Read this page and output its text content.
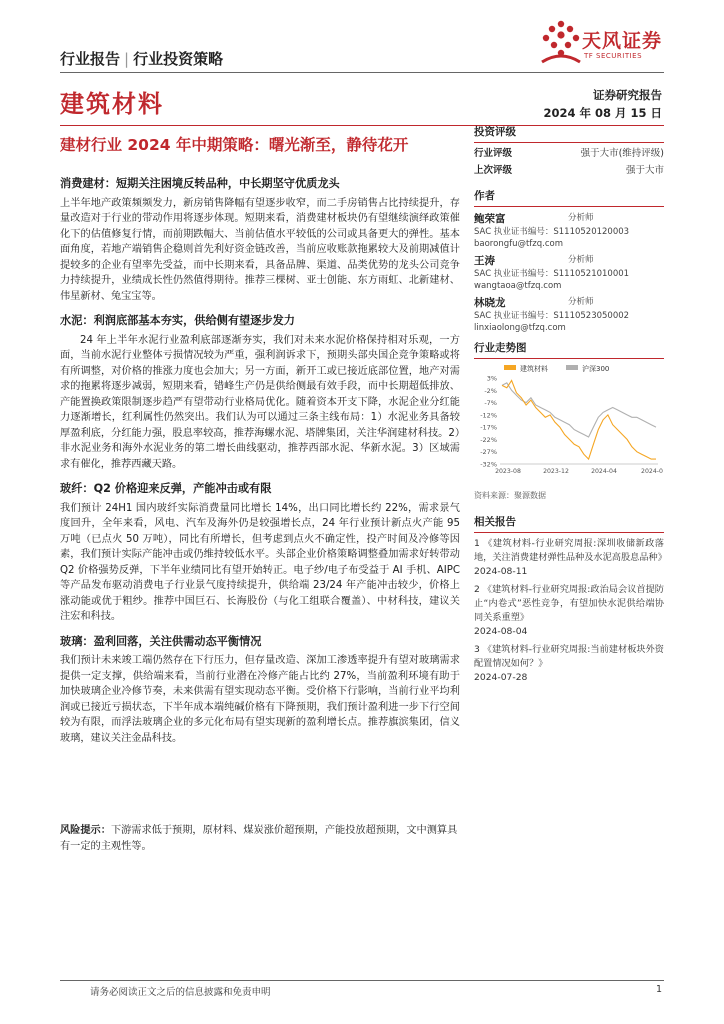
行业报告 | 行业投资策略
天风证券
TF SECURITIES
建筑材料	证券研究报告
2024 年 08 月 15 日
建材行业 2024 年中期策略：曙光渐至，静待花开
消费建材：短期关注困境反转品种，中长期坚守优质龙头
上半年地产政策频频发力，新房销售降幅有望逐步收窄，而二手房销售占比持续提升，存量改造对于行业的带动作用将逐步体现。短期来看，消费建材板块仍有望继续演绎政策催化下的估值修复行情，而前期跌幅大、当前估值水平较低的公司或具备更大的弹性。基本面角度，若地产端销售企稳则首先利好资金链改善，当前应收账款拖累较大及前期减值计提较多的企业有望率先受益，而中长期来看，具备品牌、渠道、品类优势的龙头公司竞争力持续提升，业绩成长性仍然值得期待。推荐三棵树、亚士创能、东方雨虹、北新建材、伟星新材、兔宝宝等。
水泥：利润底部基本夯实，供给侧有望逐步发力
24 年上半年水泥行业盈利底部逐渐夯实，我们对未来水泥价格保持相对乐观，一方面，当前水泥行业整体亏损情况较为严重，强利润诉求下，预期头部央国企竞争策略或将有所调整，对价格的推涨力度也会加大；另一方面，新开工或已接近底部位置，地产对需求的拖累将逐步减弱，短期来看，错峰生产仍是供给侧最有效手段，而中长期超低排放、产能置换政策限制逐步趋严有望带动行业格局优化。随着资本开支下降，水泥企业分红能力逐渐增长，红利属性仍然突出。我们认为可以通过三条主线布局：1）水泥业务具备较厚盈利底，分红能力强，股息率较高，推荐海螺水泥、塔牌集团，关注华润建材科技。2）非水泥业务和海外水泥业务的第二增长曲线驱动，推荐西部水泥、华新水泥。3）区域需求有催化，推荐西藏天路。
玻纤：Q2 价格迎来反弹，产能冲击或有限
我们预计 24H1 国内玻纤实际消费量同比增长 14%，出口同比增长约 22%，需求景气度回升，全年来看，风电、汽车及海外仍是较强增长点，24 年行业预计新点火产能 95 万吨（已点火 50 万吨），同比有所增长，但考虑到点火不确定性，投产时间及冷修等因素，我们预计实际产能冲击或仍维持较低水平。头部企业价格策略调整叠加需求好转带动 Q2 价格强势反弹，下半年业绩同比有望开始转正。电子纱/电子布受益于 AI 手机、AIPC 等产品发布驱动消费电子行业景气度持续提升，供给端 23/24 年产能冲击较少，价格上涨动能或优于粗纱。推荐中国巨石、长海股份（与化工组联合覆盖）、中材科技，建议关注宏和科技。
玻璃：盈利回落，关注供需动态平衡情况
我们预计未来竣工端仍然存在下行压力，但存量改造、深加工渗透率提升有望对玻璃需求提供一定支撑，供给端来看，当前行业潜在冷修产能占比约 27%，当前盈利环境有助于加快玻璃企业冷修节奏，未来供需有望实现动态平衡。受价格下行影响，当前行业平均利润或已接近亏损状态，下半年成本端纯碱价格有下降预期，我们预计盈利进一步下行空间较为有限，而浮法玻璃企业的多元化布局有望实现新的盈利增长点。推荐旗滨集团，信义玻璃，建议关注金晶科技。
风险提示：下游需求低于预期，原材料、煤炭涨价超预期，产能投放超预期，文中测算具有一定的主观性等。
投资评级
行业评级	强于大市(维持评级)
上次评级	强于大市
作者
鲍荣富	分析师
SAC 执业证书编号：S1110520120003
baorongfu@tfzq.com
王涛	分析师
SAC 执业证书编号：S1110521010001
wangtaoa@tfzq.com
林晓龙	分析师
SAC 执业证书编号：S1110523050002
linxiaolong@tfzq.com
行业走势图
建筑材料	沪深300
3%
-2%
-7%
-12%
-17%
-22%
-27%
-32%
2023-08	2023-12	2024-04	2024-0
资料来源：聚源数据
相关报告
1 《建筑材料-行业研究周报:深圳收储新政落地，关注消费建材弹性品种及水泥高股息品种》
2024-08-11
2 《建筑材料-行业研究周报:政治局会议首提防止“内卷式”恶性竞争，有望加快水泥供给端协同关系重塑》
2024-08-04
3 《建筑材料-行业研究周报:当前建材板块外资配置情况如何？》
2024-07-28
请务必阅读正文之后的信息披露和免责申明	1
